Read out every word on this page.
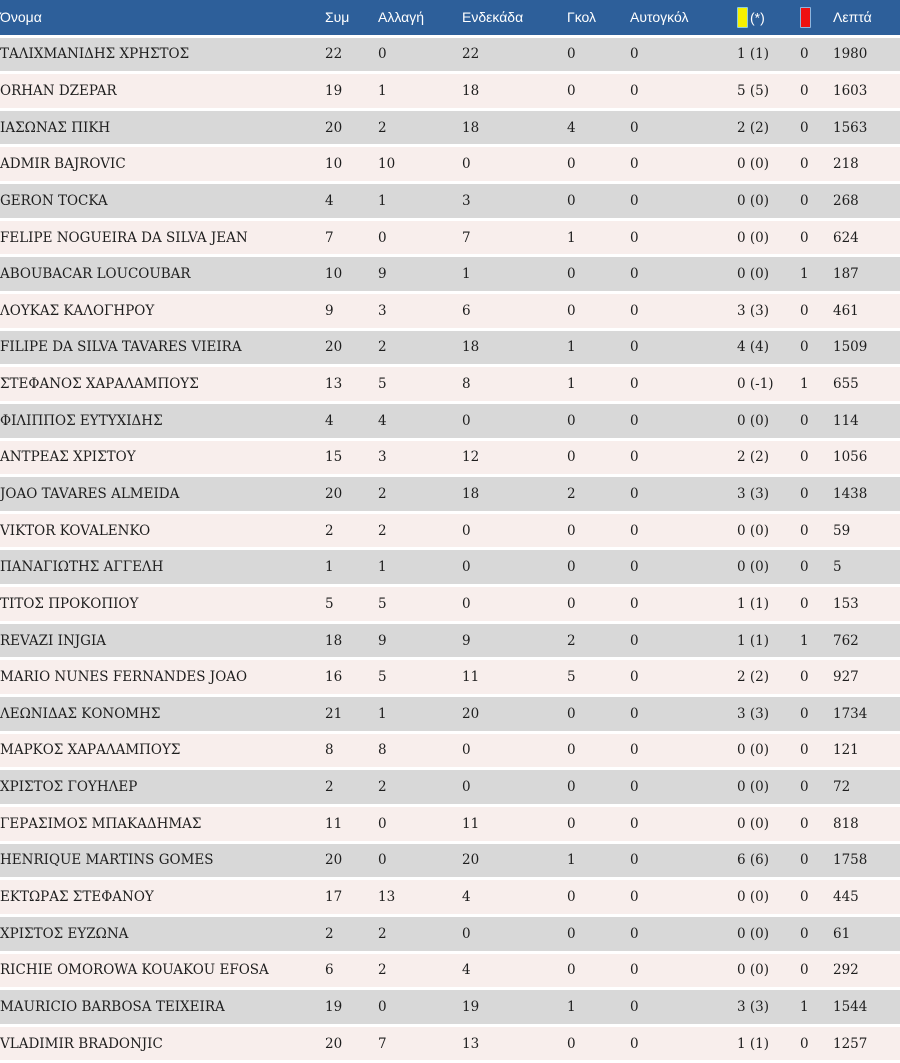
Όνομα	Συμ	Αλλαγή	Ενδεκάδα	Γκολ	Αυτογκόλ	(*)		Λεπτά
ΤΑΛΙΧΜΑΝΙΔΗΣ ΧΡΗΣΤΟΣ	22	0	22	0	0	1 (1)	0	1980
ORHAN DZEPAR	19	1	18	0	0	5 (5)	0	1603
ΙΑΣΩΝΑΣ ΠΙΚΗ	20	2	18	4	0	2 (2)	0	1563
ADMIR BAJROVIC	10	10	0	0	0	0 (0)	0	218
GERON TOCKA	4	1	3	0	0	0 (0)	0	268
FELIPE NOGUEIRA DA SILVA JEAN	7	0	7	1	0	0 (0)	0	624
ABOUBACAR LOUCOUBAR	10	9	1	0	0	0 (0)	1	187
ΛΟΥΚΑΣ ΚΑΛΟΓΗΡΟΥ	9	3	6	0	0	3 (3)	0	461
FILIPE DA SILVA TAVARES VIEIRA	20	2	18	1	0	4 (4)	0	1509
ΣΤΕΦΑΝΟΣ ΧΑΡΑΛΑΜΠΟΥΣ	13	5	8	1	0	0 (-1)	1	655
ΦΙΛΙΠΠΟΣ ΕΥΤΥΧΙΔΗΣ	4	4	0	0	0	0 (0)	0	114
ΑΝΤΡΕΑΣ ΧΡΙΣΤΟΥ	15	3	12	0	0	2 (2)	0	1056
JOAO TAVARES ALMEIDA	20	2	18	2	0	3 (3)	0	1438
VIKTOR KOVALENKO	2	2	0	0	0	0 (0)	0	59
ΠΑΝΑΓΙΩΤΗΣ ΑΓΓΕΛΗ	1	1	0	0	0	0 (0)	0	5
ΤΙΤΟΣ ΠΡΟΚΟΠΙΟΥ	5	5	0	0	0	1 (1)	0	153
REVAZI INJGIA	18	9	9	2	0	1 (1)	1	762
MARIO NUNES FERNANDES JOAO	16	5	11	5	0	2 (2)	0	927
ΛΕΩΝΙΔΑΣ ΚΟΝΟΜΗΣ	21	1	20	0	0	3 (3)	0	1734
ΜΑΡΚΟΣ ΧΑΡΑΛΑΜΠΟΥΣ	8	8	0	0	0	0 (0)	0	121
ΧΡΙΣΤΟΣ ΓΟΥΗΛΕΡ	2	2	0	0	0	0 (0)	0	72
ΓΕΡΑΣΙΜΟΣ ΜΠΑΚΑΔΗΜΑΣ	11	0	11	0	0	0 (0)	0	818
HENRIQUE MARTINS GOMES	20	0	20	1	0	6 (6)	0	1758
ΕΚΤΩΡΑΣ ΣΤΕΦΑΝΟΥ	17	13	4	0	0	0 (0)	0	445
ΧΡΙΣΤΟΣ ΕΥΖΩΝΑ	2	2	0	0	0	0 (0)	0	61
RICHIE OMOROWA KOUAKOU EFOSA	6	2	4	0	0	0 (0)	0	292
MAURICIO BARBOSA TEIXEIRA	19	0	19	1	0	3 (3)	1	1544
VLADIMIR BRADONJIC	20	7	13	0	0	1 (1)	0	1257
